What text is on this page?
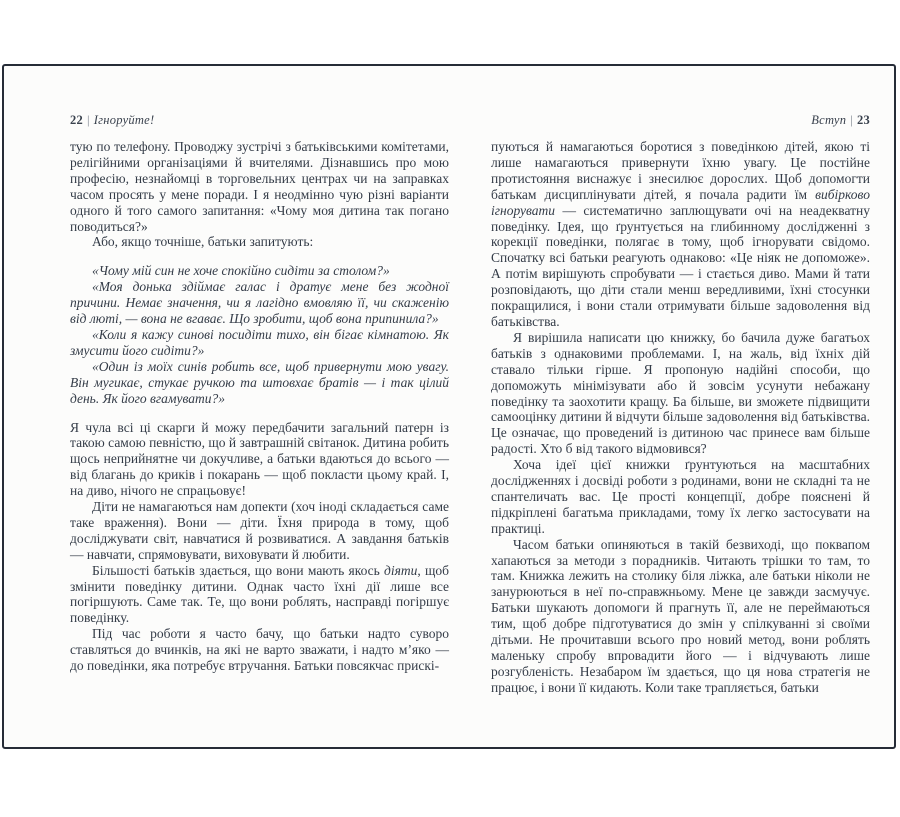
22 | Ігноруйте!

тую по телефону. Проводжу зустрічі з батьківськими комітетами, релігійними організаціями й вчителями. Дізнавшись про мою професію, незнайомці в торговельних центрах чи на заправках часом просять у мене поради. І я неодмінно чую різні варіанти одного й того самого запитання: «Чому моя дитина так погано поводиться?»

Або, якщо точніше, батьки запитують:

«Чому мій син не хоче спокійно сидіти за столом?»

«Моя донька здіймає галас і дратує мене без жодної причини. Немає значення, чи я лагідно вмовляю її, чи скаженію від люті, — вона не вгаває. Що зробити, щоб вона припинила?»

«Коли я кажу синові посидіти тихо, він бігає кімнатою. Як змусити його сидіти?»

«Один із моїх синів робить все, щоб привернути мою увагу. Він мугикає, стукає ручкою та штовхає братів — і так цілий день. Як його вгамувати?»

Я чула всі ці скарги й можу передбачити загальний патерн із такою самою певністю, що й завтрашній світанок. Дитина робить щось неприйнятне чи докучливе, а батьки вдаються до всього — від благань до криків і покарань — щоб покласти цьому край. І, на диво, нічого не спрацьовує!

Діти не намагаються нам допекти (хоч іноді складається саме таке враження). Вони — діти. Їхня природа в тому, щоб досліджувати світ, навчатися й розвиватися. А завдання батьків — навчати, спрямовувати, виховувати й любити.

Більшості батьків здається, що вони мають якось діяти, щоб змінити поведінку дитини. Однак часто їхні дії лише все погіршують. Саме так. Те, що вони роблять, насправді погіршує поведінку.

Під час роботи я часто бачу, що батьки надто суворо ставляться до вчинків, на які не варто зважати, і надто м’яко — до поведінки, яка потребує втручання. Батьки повсякчас прискі-

Вступ | 23

пуються й намагаються боротися з поведінкою дітей, якою ті лише намагаються привернути їхню увагу. Це постійне протистояння виснажує і знесилює дорослих. Щоб допомогти батькам дисциплінувати дітей, я почала радити їм вибірково ігнорувати — систематично заплющувати очі на неадекватну поведінку. Ідея, що ґрунтується на глибинному дослідженні з корекції поведінки, полягає в тому, щоб ігнорувати свідомо. Спочатку всі батьки реагують однаково: «Це ніяк не допоможе». А потім вирішують спробувати — і стається диво. Мами й тати розповідають, що діти стали менш вередливими, їхні стосунки покращилися, і вони стали отримувати більше задоволення від батьківства.

Я вирішила написати цю книжку, бо бачила дуже багатьох батьків з однаковими проблемами. І, на жаль, від їхніх дій ставало тільки гірше. Я пропоную надійні способи, що допоможуть мінімізувати або й зовсім усунути небажану поведінку та заохотити кращу. Ба більше, ви зможете підвищити самооцінку дитини й відчути більше задоволення від батьківства. Це означає, що проведений із дитиною час принесе вам більше радості. Хто б від такого відмовився?

Хоча ідеї цієї книжки ґрунтуються на масштабних дослідженнях і досвіді роботи з родинами, вони не складні та не спантеличать вас. Це прості концепції, добре пояснені й підкріплені багатьма прикладами, тому їх легко застосувати на практиці.

Часом батьки опиняються в такій безвиході, що поквапом хапаються за методи з порадників. Читають трішки то там, то там. Книжка лежить на столику біля ліжка, але батьки ніколи не занурюються в неї по-справжньому. Мене це завжди засмучує. Батьки шукають допомоги й прагнуть її, але не переймаються тим, щоб добре підготуватися до змін у спілкуванні зі своїми дітьми. Не прочитавши всього про новий метод, вони роблять маленьку спробу впровадити його — і відчувають лише розгубленість. Незабаром їм здається, що ця нова стратегія не працює, і вони її кидають. Коли таке трапляється, батьки
